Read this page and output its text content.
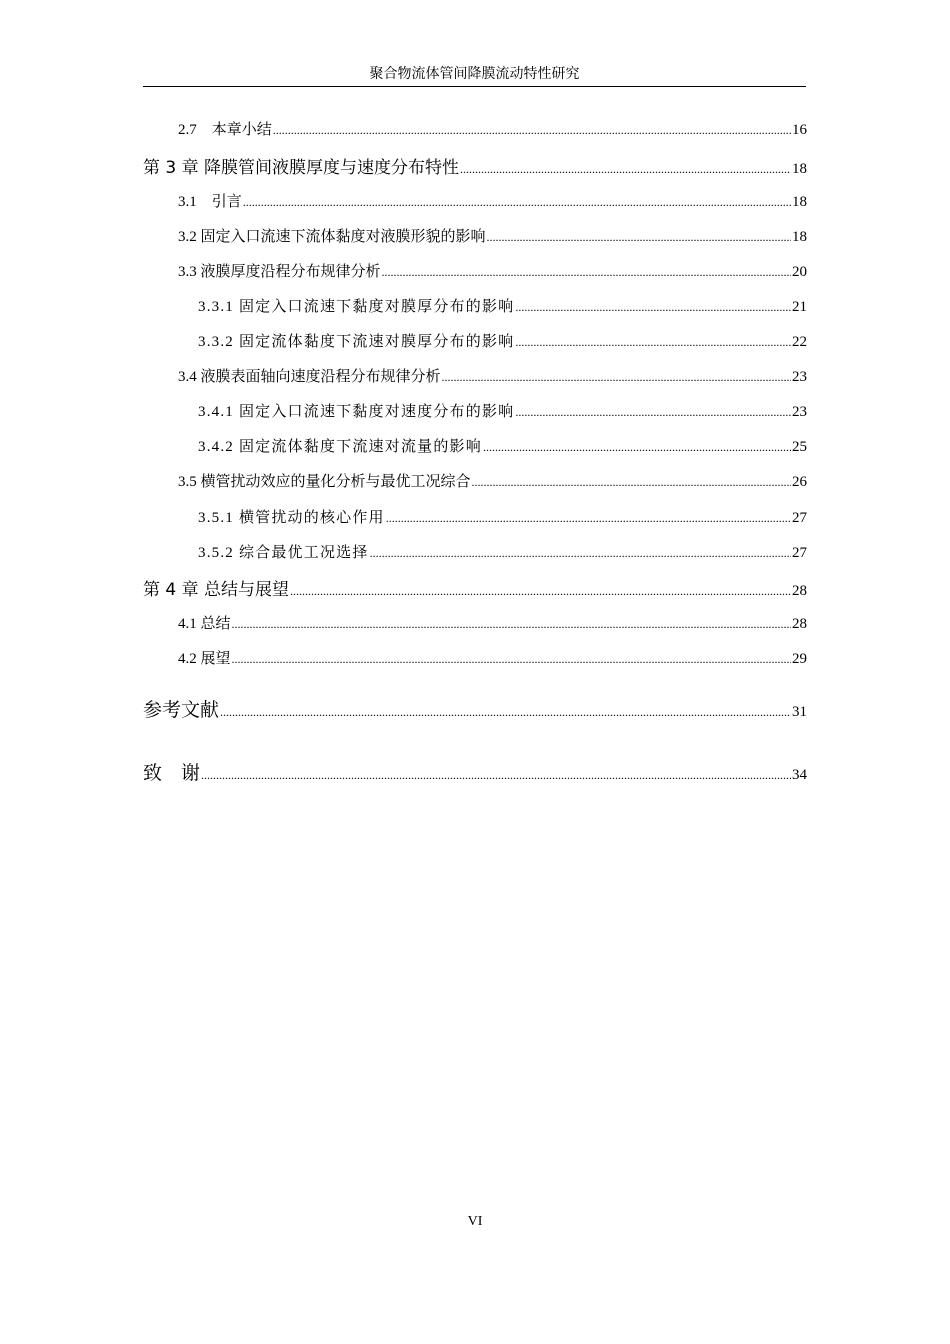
聚合物流体管间降膜流动特性研究
2.7　本章小结 .....	16
第 3 章 降膜管间液膜厚度与速度分布特性 .....	18
3.1　引言 .....	18
3.2 固定入口流速下流体黏度对液膜形貌的影响 .....	18
3.3 液膜厚度沿程分布规律分析 .....	20
3.3.1 固定入口流速下黏度对膜厚分布的影响 .....	21
3.3.2 固定流体黏度下流速对膜厚分布的影响 .....	22
3.4 液膜表面轴向速度沿程分布规律分析 .....	23
3.4.1 固定入口流速下黏度对速度分布的影响 .....	23
3.4.2 固定流体黏度下流速对流量的影响 .....	25
3.5 横管扰动效应的量化分析与最优工况综合 .....	26
3.5.1 横管扰动的核心作用 .....	27
3.5.2 综合最优工况选择 .....	27
第 4 章 总结与展望 .....	28
4.1 总结 .....	28
4.2 展望 .....	29
参考文献 .....	31
致　谢 .....	34
VI
